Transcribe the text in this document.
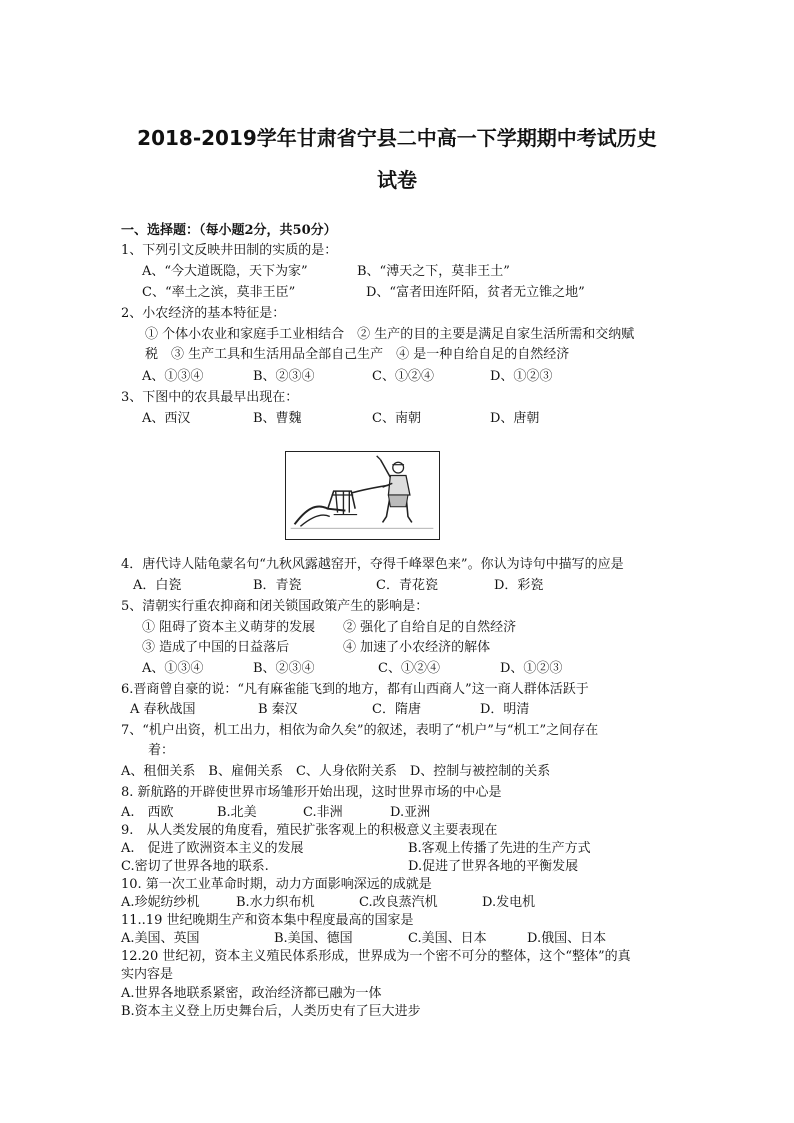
2018-2019学年甘肃省宁县二中高一下学期期中考试历史
试卷
一、选择题：（每小题2分，共50分）
1、下列引文反映井田制的实质的是：
A、“今大道既隐，天下为家”	B、“溥天之下，莫非王土”
C、“率土之滨，莫非王臣”	D、“富者田连阡陌，贫者无立锥之地”
2、小农经济的基本特征是：
① 个体小农业和家庭手工业相结合　② 生产的目的主要是满足自家生活所需和交纳赋
税　③ 生产工具和生活用品全部自己生产　④ 是一种自给自足的自然经济
A、①③④	B、②③④	C、①②④	D、①②③
3、下图中的农具最早出现在：
A、西汉	B、曹魏	C、南朝	D、唐朝
4．唐代诗人陆龟蒙名句“九秋风露越窑开，夺得千峰翠色来”。你认为诗句中描写的应是
A．白瓷	B．青瓷	C．青花瓷	D．彩瓷
5、清朝实行重农抑商和闭关锁国政策产生的影响是：
① 阻碍了资本主义萌芽的发展 ② 强化了自给自足的自然经济
③ 造成了中国的日益落后	④ 加速了小农经济的解体
A、①③④	B、②③④	C、①②④	D、①②③
6.晋商曾自豪的说：“凡有麻雀能飞到的地方，都有山西商人”这一商人群体活跃于
A 春秋战国	B 秦汉	C．隋唐	D．明清
7、“机户出资，机工出力，相依为命久矣”的叙述，表明了“机户”与“机工”之间存在
着：
A、租佃关系　B、雇佣关系　C、人身依附关系　D、控制与被控制的关系
8. 新航路的开辟使世界市场雏形开始出现，这时世界市场的中心是
A.　西欧	B.北美	C.非洲	D.亚洲
9.　从人类发展的角度看，殖民扩张客观上的积极意义主要表现在
A.　促进了欧洲资本主义的发展	B.客观上传播了先进的生产方式
C.密切了世界各地的联系.	D.促进了世界各地的平衡发展
10. 第一次工业革命时期，动力方面影响深远的成就是
A.珍妮纺纱机	B.水力织布机	C.改良蒸汽机	D.发电机
11..19 世纪晚期生产和资本集中程度最高的国家是
A.美国、英国	B.美国、德国	C.美国、日本	D.俄国、日本
12.20 世纪初，资本主义殖民体系形成，世界成为一个密不可分的整体，这个“整体”的真
实内容是
A.世界各地联系紧密，政治经济都已融为一体
B.资本主义登上历史舞台后，人类历史有了巨大进步
